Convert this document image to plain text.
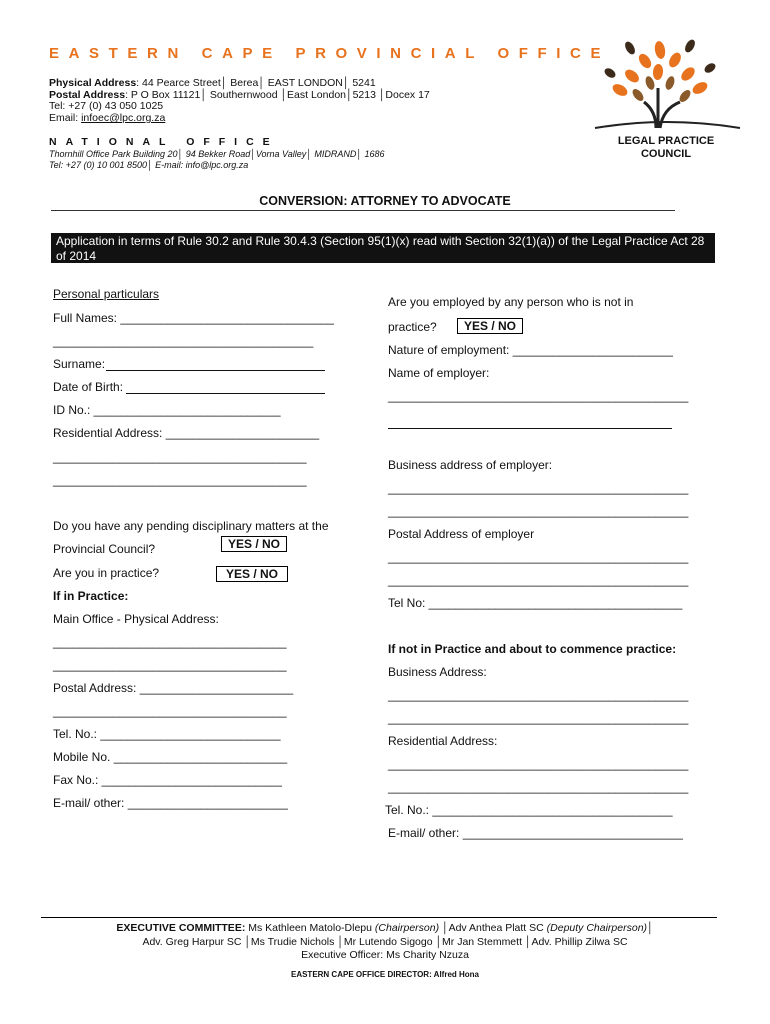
EASTERN CAPE PROVINCIAL OFFICE
Physical Address: 44 Pearce Street│ Berea│ EAST LONDON│ 5241
Postal Address: P O Box 11121│ Southernwood │East London│5213 │Docex 17
Tel: +27 (0) 43 050 1025
Email: infoec@lpc.org.za
NATIONAL OFFICE
Thornhill Office Park Building 20│ 94 Bekker Road│Vorna Valley│ MIDRAND│ 1686
Tel: +27 (0) 10 001 8500│ E-mail: info@lpc.org.za
LEGAL PRACTICE
COUNCIL
CONVERSION: ATTORNEY TO ADVOCATE
Application in terms of Rule 30.2 and Rule 30.4.3 (Section 95(1)(x) read with Section 32(1)(a)) of the Legal Practice Act 28 of 2014
Personal particulars
Full Names: ________________________________
_______________________________________
Surname:
Date of Birth:
ID No.: ____________________________
Residential Address: _______________________
______________________________________
______________________________________
Do you have any pending disciplinary matters at the
Provincial Council?	YES / NO
Are you in practice?	YES / NO
If in Practice:
Main Office - Physical Address:
___________________________________
___________________________________
Postal Address: _______________________
___________________________________
Tel. No.: ___________________________
Mobile No. __________________________
Fax No.: ___________________________
E-mail/ other: ________________________
Are you employed by any person who is not in
practice?	YES / NO
Nature of employment: ________________________
Name of employer:
_____________________________________________
Business address of employer:
_____________________________________________
_____________________________________________
Postal Address of employer
_____________________________________________
_____________________________________________
Tel No: ______________________________________
If not in Practice and about to commence practice:
Business Address:
_____________________________________________
_____________________________________________
Residential Address:
_____________________________________________
_____________________________________________
Tel. No.: ____________________________________
E-mail/ other: _________________________________
EXECUTIVE COMMITTEE: Ms Kathleen Matolo-Dlepu (Chairperson) │Adv Anthea Platt SC (Deputy Chairperson)│
Adv. Greg Harpur SC │Ms Trudie Nichols │Mr Lutendo Sigogo │Mr Jan Stemmett │Adv. Phillip Zilwa SC
Executive Officer: Ms Charity Nzuza
EASTERN CAPE OFFICE DIRECTOR: Alfred Hona
